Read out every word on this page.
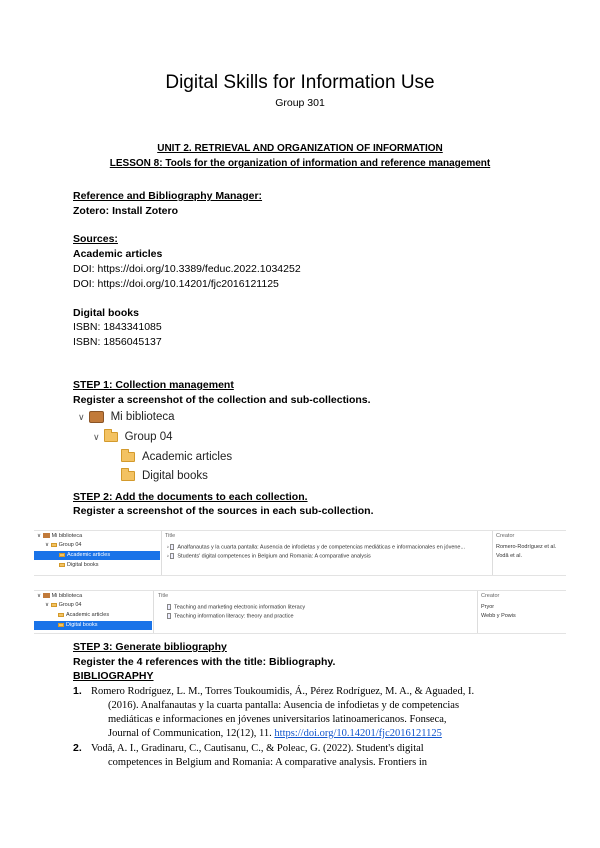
Digital Skills for Information Use
Group 301
UNIT 2. RETRIEVAL AND ORGANIZATION OF INFORMATION
LESSON 8: Tools for the organization of information and reference management
Reference and Bibliography Manager:
Zotero: Install Zotero
Sources:
Academic articles
DOI: https://doi.org/10.3389/feduc.2022.1034252
DOI: https://doi.org/10.14201/fjc2016121125
Digital books
ISBN: 1843341085
ISBN: 1856045137
STEP 1: Collection management
Register a screenshot of the collection and sub-collections.
∨ Mi biblioteca
∨ Group 04
Academic articles
Digital books
STEP 2: Add the documents to each collection.
Register a screenshot of the sources in each sub-collection.
∨ Mi biblioteca
∨ Group 04
Academic articles
Digital books
Title	Creator
› Analfanautas y la cuarta pantalla: Ausencia de infodietas y de competencias mediáticas e informacionales en jóvene...	Romero-Rodríguez et al.
› Students' digital competences in Belgium and Romania: A comparative analysis	Vodă et al.
∨ Mi biblioteca
∨ Group 04
Academic articles
Digital books
Title	Creator
Teaching and marketing electronic information literacy	Pryor
Teaching information literacy: theory and practice	Webb y Powis
STEP 3: Generate bibliography
Register the 4 references with the title: Bibliography.
BIBLIOGRAPHY
1. Romero Rodríguez, L. M., Torres Toukoumidis, Á., Pérez Rodríguez, M. A., & Aguaded, I.
(2016). Analfanautas y la cuarta pantalla: Ausencia de infodietas y de competencias
mediáticas e informaciones en jóvenes universitarios latinoamericanos. Fonseca,
Journal of Communication, 12(12), 11. https://doi.org/10.14201/fjc2016121125
2. Vodă, A. I., Gradinaru, C., Cautisanu, C., & Poleac, G. (2022). Student's digital
competences in Belgium and Romania: A comparative analysis. Frontiers in
